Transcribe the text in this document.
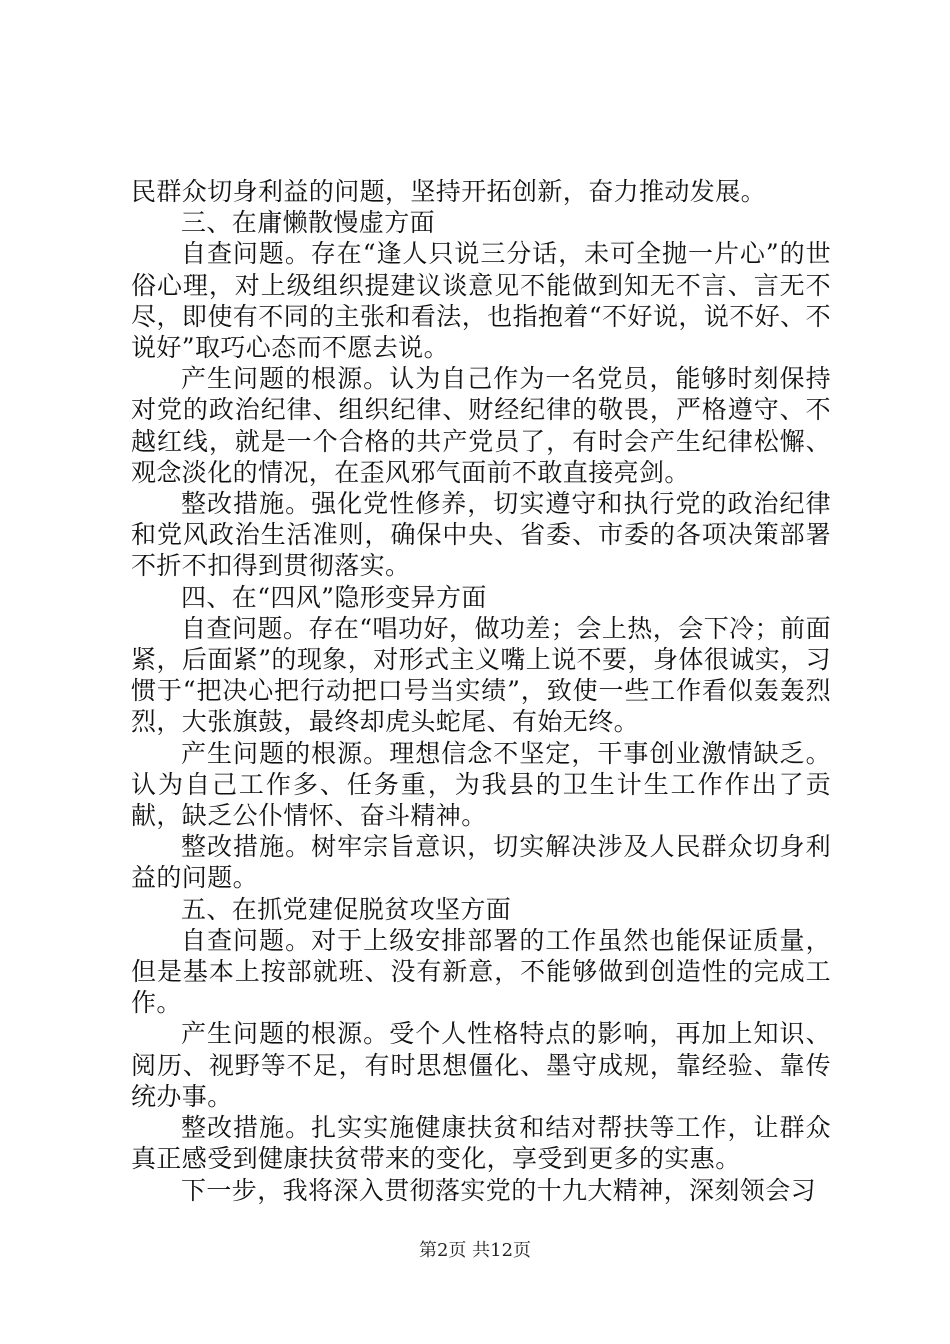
民群众切身利益的问题，坚持开拓创新，奋力推动发展。

三、在庸懒散慢虚方面

自查问题。存在“逢人只说三分话，未可全抛一片心”的世俗心理，对上级组织提建议谈意见不能做到知无不言、言无不尽，即使有不同的主张和看法，也指抱着“不好说，说不好、不说好”取巧心态而不愿去说。

产生问题的根源。认为自己作为一名党员，能够时刻保持对党的政治纪律、组织纪律、财经纪律的敬畏，严格遵守、不越红线，就是一个合格的共产党员了，有时会产生纪律松懈、观念淡化的情况，在歪风邪气面前不敢直接亮剑。

整改措施。强化党性修养，切实遵守和执行党的政治纪律和党风政治生活准则，确保中央、省委、市委的各项决策部署不折不扣得到贯彻落实。

四、在“四风”隐形变异方面

自查问题。存在“唱功好，做功差；会上热，会下冷；前面紧，后面紧”的现象，对形式主义嘴上说不要，身体很诚实，习惯于“把决心把行动把口号当实绩”，致使一些工作看似轰轰烈烈，大张旗鼓，最终却虎头蛇尾、有始无终。

产生问题的根源。理想信念不坚定，干事创业激情缺乏。认为自己工作多、任务重，为我县的卫生计生工作作出了贡献，缺乏公仆情怀、奋斗精神。

整改措施。树牢宗旨意识，切实解决涉及人民群众切身利益的问题。

五、在抓党建促脱贫攻坚方面

自查问题。对于上级安排部署的工作虽然也能保证质量，但是基本上按部就班、没有新意，不能够做到创造性的完成工作。

产生问题的根源。受个人性格特点的影响，再加上知识、阅历、视野等不足，有时思想僵化、墨守成规，靠经验、靠传统办事。

整改措施。扎实实施健康扶贫和结对帮扶等工作，让群众真正感受到健康扶贫带来的变化，享受到更多的实惠。

下一步，我将深入贯彻落实党的十九大精神，深刻领会习

第2页 共12页
